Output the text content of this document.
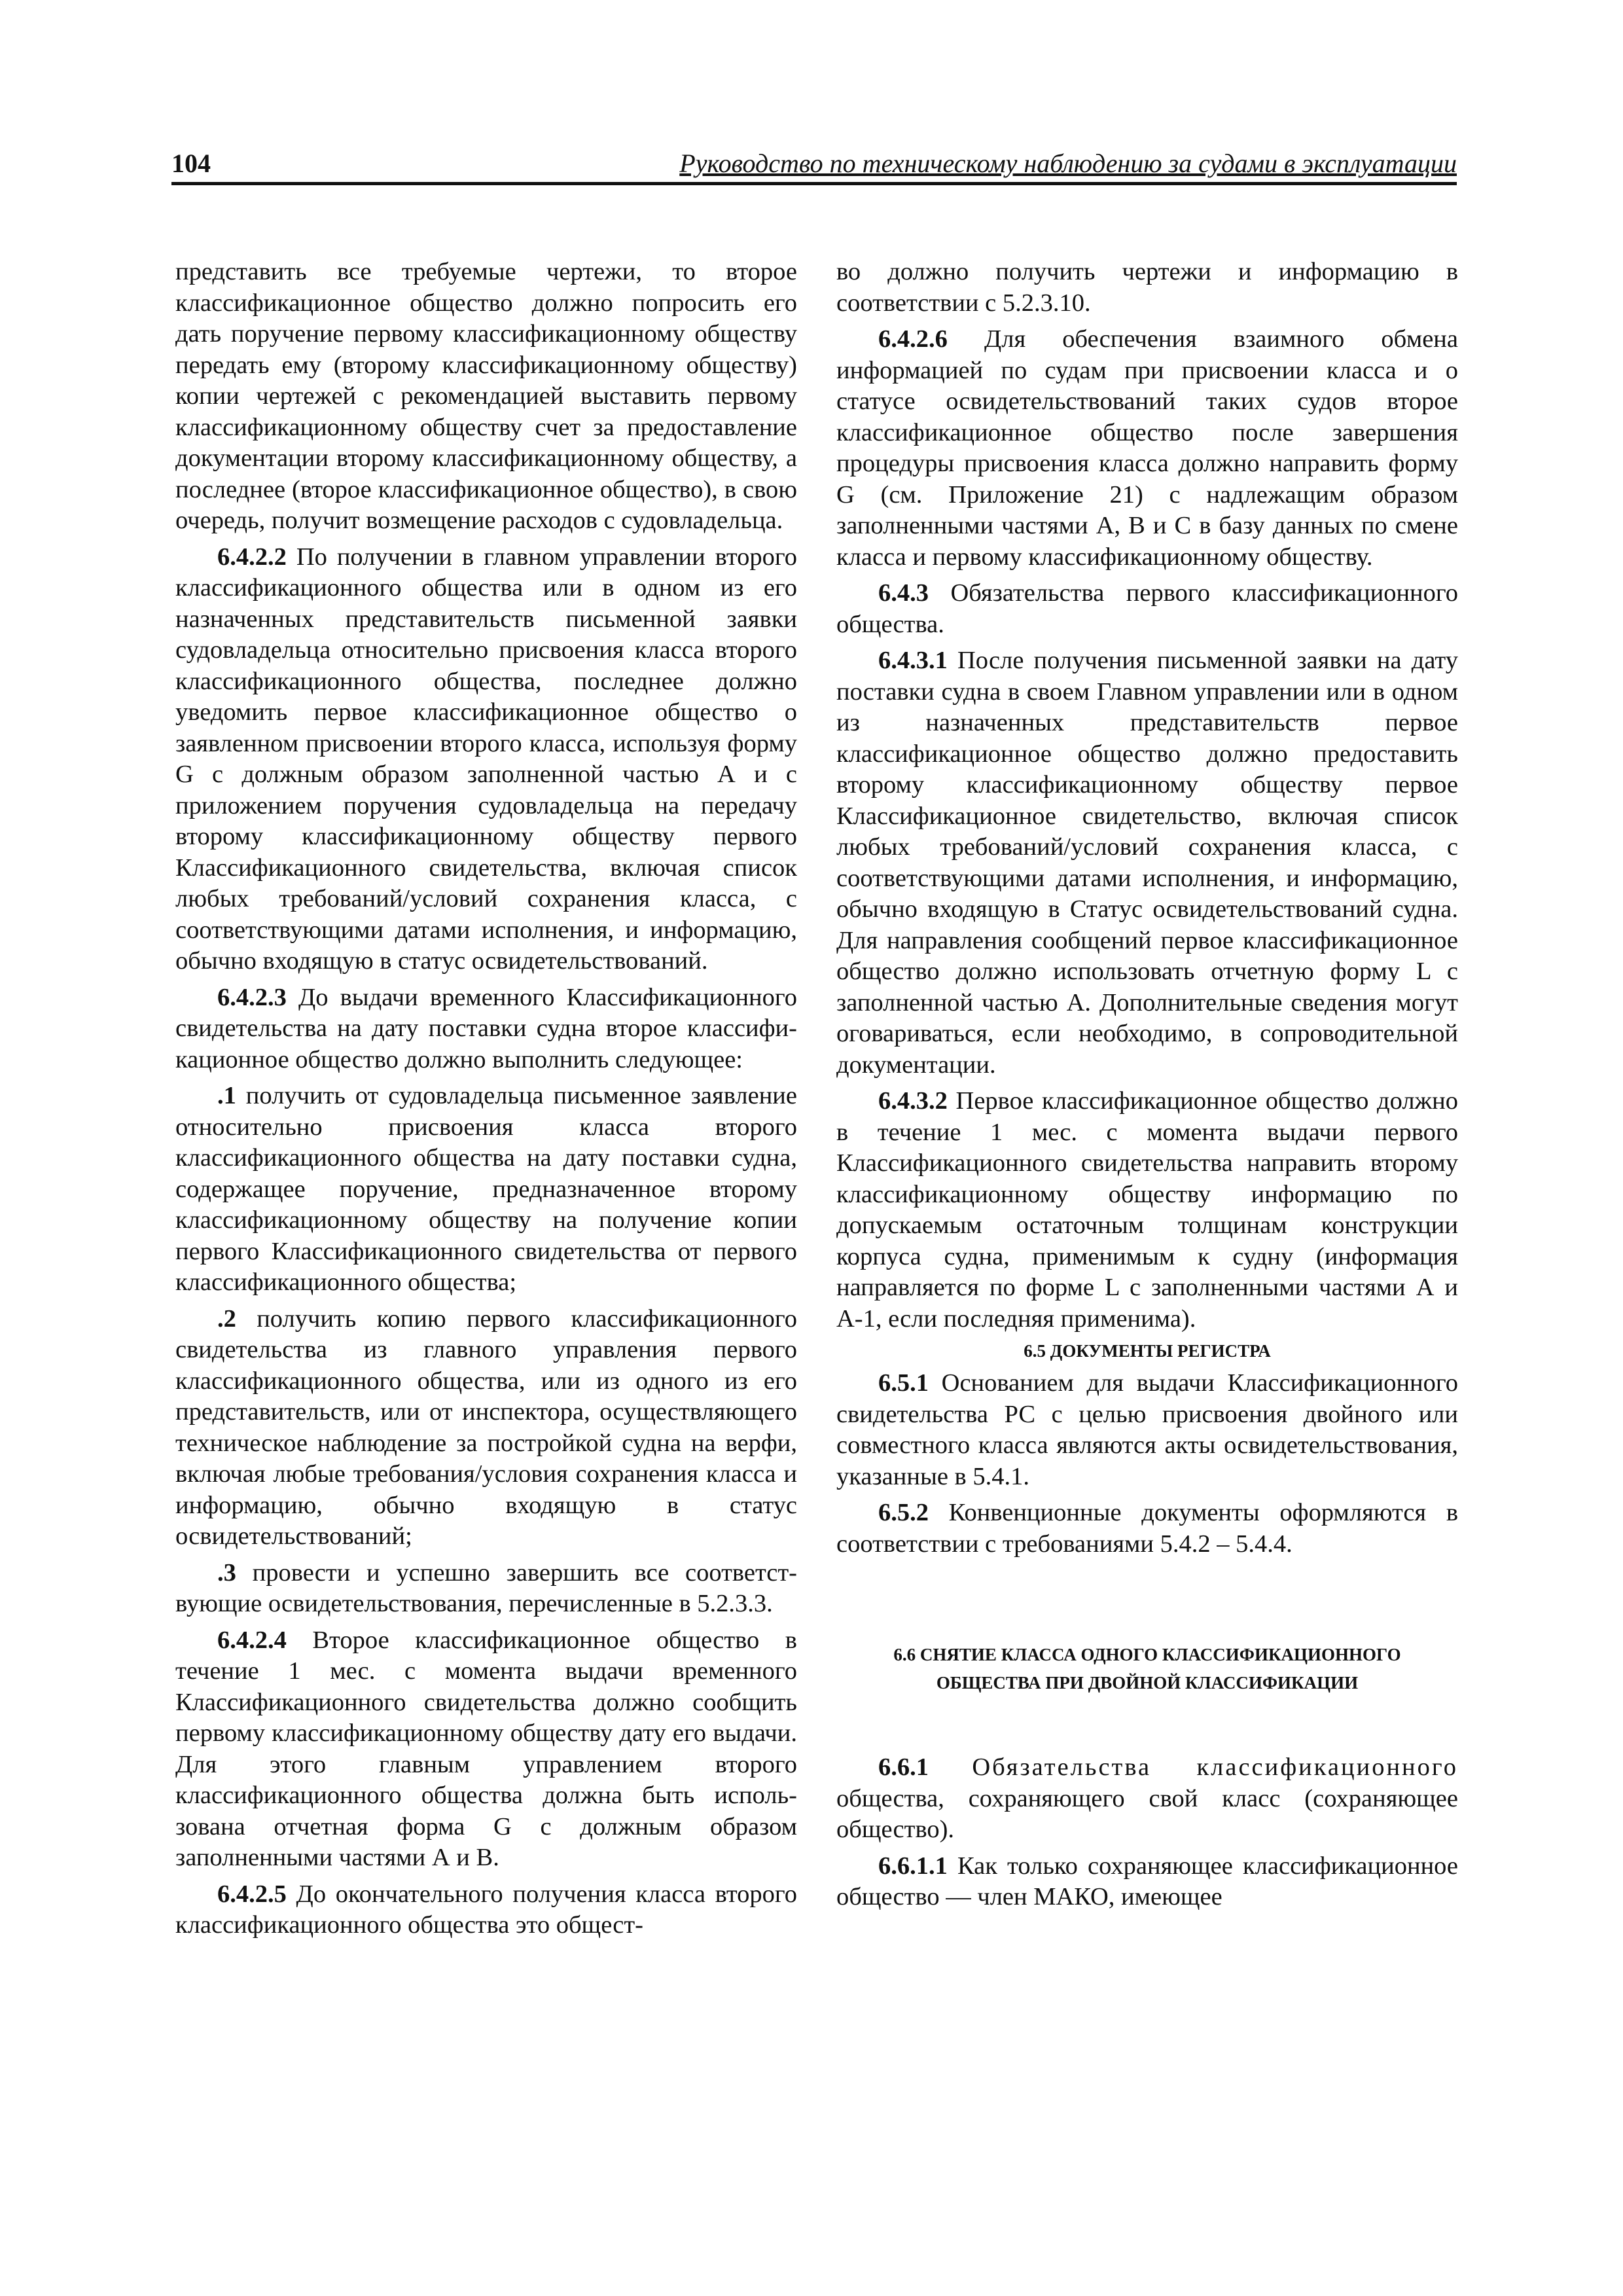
104	Руководство по техническому наблюдению за судами в эксплуатации

представить все требуемые чертежи, то второе классификационное общество должно попросить его дать поручение первому классификационному обществу передать ему (второму классификационному обществу) копии чертежей с рекомендацией выставить первому классификационному обществу счет за предоставление документации второму классификационному обществу, а последнее (второе классификационное общество), в свою очередь, получит возмещение расходов с судовладельца.

6.4.2.2 По получении в главном управлении второго классификационного общества или в одном из его назначенных представительств письменной заявки судовладельца относительно присвоения класса второго классификационного общества, последнее должно уведомить первое классификационное общество о заявленном присвоении второго класса, используя форму G с должным образом заполненной частью А и с приложением поручения судовладельца на передачу второму классификационному обществу первого Классификационного свидетельства, включая список любых требований/условий сохранения класса, с соответствующими датами исполнения, и информацию, обычно входящую в статус освидетельствований.

6.4.2.3 До выдачи временного Классификационного свидетельства на дату поставки судна второе классификационное общество должно выполнить следующее:

.1 получить от судовладельца письменное заявление относительно присвоения класса второго классификационного общества на дату поставки судна, содержащее поручение, предназначенное второму классификационному обществу на получение копии первого Классификационного свидетельства от первого классификационного общества;

.2 получить копию первого классификационного свидетельства из главного управления первого классификационного общества, или из одного из его представительств, или от инспектора, осуществляющего техническое наблюдение за постройкой судна на верфи, включая любые требования/условия сохранения класса и информацию, обычно входящую в статус освидетельствований;

.3 провести и успешно завершить все соответствующие освидетельствования, перечисленные в 5.2.3.3.

6.4.2.4 Второе классификационное общество в течение 1 мес. с момента выдачи временного Классификационного свидетельства должно сообщить первому классификационному обществу дату его выдачи. Для этого главным управлением второго классификационного общества должна быть использована отчетная форма G с должным образом заполненными частями А и В.

6.4.2.5 До окончательного получения класса второго классификационного общества это общест-

во должно получить чертежи и информацию в соответствии с 5.2.3.10.

6.4.2.6 Для обеспечения взаимного обмена информацией по судам при присвоении класса и о статусе освидетельствований таких судов второе классификационное общество после завершения процедуры присвоения класса должно направить форму G (см. Приложение 21) с надлежащим образом заполненными частями А, В и С в базу данных по смене класса и первому классификационному обществу.

6.4.3 Обязательства первого классификационного общества.

6.4.3.1 После получения письменной заявки на дату поставки судна в своем Главном управлении или в одном из назначенных представительств первое классификационное общество должно предоставить второму классификационному обществу первое Классификационное свидетельство, включая список любых требований/условий сохранения класса, с соответствующими датами исполнения, и информацию, обычно входящую в Статус освидетельствований судна. Для направления сообщений первое классификационное общество должно использовать отчетную форму L с заполненной частью А. Дополнительные сведения могут оговариваться, если необходимо, в сопроводительной документации.

6.4.3.2 Первое классификационное общество должно в течение 1 мес. с момента выдачи первого Классификационного свидетельства направить второму классификационному обществу информацию по допускаемым остаточным толщинам конструкции корпуса судна, применимым к судну (информация направляется по форме L с заполненными частями А и А-1, если последняя применима).

6.5 ДОКУМЕНТЫ РЕГИСТРА

6.5.1 Основанием для выдачи Классификационного свидетельства РС с целью присвоения двойного или совместного класса являются акты освидетельствования, указанные в 5.4.1.

6.5.2 Конвенционные документы оформляются в соответствии с требованиями 5.4.2 – 5.4.4.

6.6 СНЯТИЕ КЛАССА ОДНОГО КЛАССИФИКАЦИОННОГО

ОБЩЕСТВА ПРИ ДВОЙНОЙ КЛАССИФИКАЦИИ

6.6.1 Обязательства классификационного общества, сохраняющего свой класс (сохраняющее общество).

6.6.1.1 Как только сохраняющее классификационное общество — член МАКО, имеющее
